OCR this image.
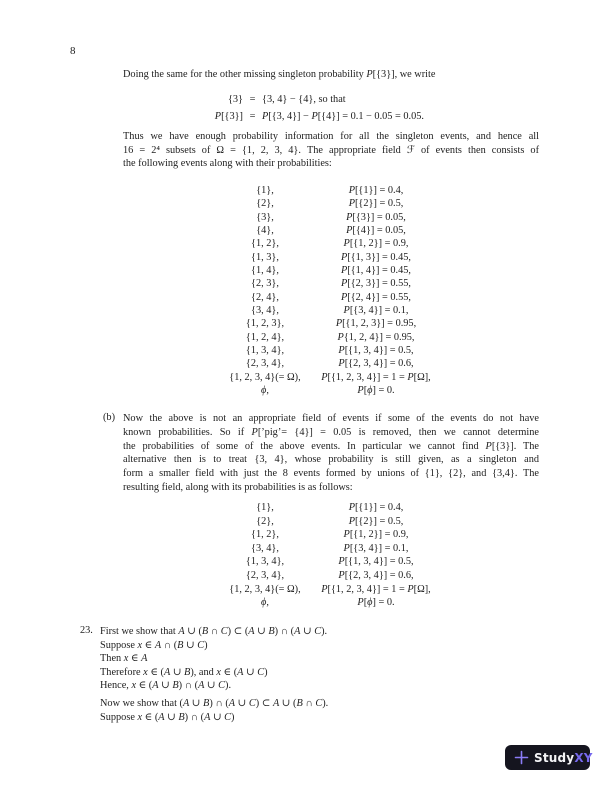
8
Doing the same for the other missing singleton probability P[{3}], we write
{3} = {3, 4} − {4}, so that
P[{3}] = P[{3, 4}] − P[{4}] = 0.1 − 0.05 = 0.05.
Thus we have enough probability information for all the singleton events, and hence all
16 = 2⁴ subsets of Ω = {1, 2, 3, 4}. The appropriate field ℱ of events then consists of
the following events along with their probabilities:
{1},	P[{1}] = 0.4,
{2},	P[{2}] = 0.5,
{3},	P[{3}] = 0.05,
{4},	P[{4}] = 0.05,
{1, 2},	P[{1, 2}] = 0.9,
{1, 3},	P[{1, 3}] = 0.45,
{1, 4},	P[{1, 4}] = 0.45,
{2, 3},	P[{2, 3}] = 0.55,
{2, 4},	P[{2, 4}] = 0.55,
{3, 4},	P[{3, 4}] = 0.1,
{1, 2, 3},	P[{1, 2, 3}] = 0.95,
{1, 2, 4},	P{1, 2, 4}] = 0.95,
{1, 3, 4},	P[{1, 3, 4}] = 0.5,
{2, 3, 4},	P[{2, 3, 4}] = 0.6,
{1, 2, 3, 4}(= Ω),	P[{1, 2, 3, 4}] = 1 = P[Ω],
ϕ,	P[ϕ] = 0.
(b) Now the above is not an appropriate field of events if some of the events do not have
known probabilities. So if P[’pig’= {4}] = 0.05 is removed, then we cannot determine
the probabilities of some of the above events. In particular we cannot find P[{3}]. The
alternative then is to treat {3, 4}, whose probability is still given, as a singleton and
form a smaller field with just the 8 events formed by unions of {1}, {2}, and {3,4}. The
resulting field, along with its probabilities is as follows:
{1},	P[{1}] = 0.4,
{2},	P[{2}] = 0.5,
{1, 2},	P[{1, 2}] = 0.9,
{3, 4},	P[{3, 4}] = 0.1,
{1, 3, 4},	P[{1, 3, 4}] = 0.5,
{2, 3, 4},	P[{2, 3, 4}] = 0.6,
{1, 2, 3, 4}(= Ω),	P[{1, 2, 3, 4}] = 1 = P[Ω],
ϕ,	P[ϕ] = 0.
23. First we show that A ∪ (B ∩ C) ⊂ (A ∪ B) ∩ (A ∪ C).
Suppose x ∈ A ∩ (B ∪ C)
Then x ∈ A
Therefore x ∈ (A ∪ B), and x ∈ (A ∪ C)
Hence, x ∈ (A ∪ B) ∩ (A ∪ C).
Now we show that (A ∪ B) ∩ (A ∪ C) ⊂ A ∪ (B ∩ C).
Suppose x ∈ (A ∪ B) ∩ (A ∪ C)
StudyXY
